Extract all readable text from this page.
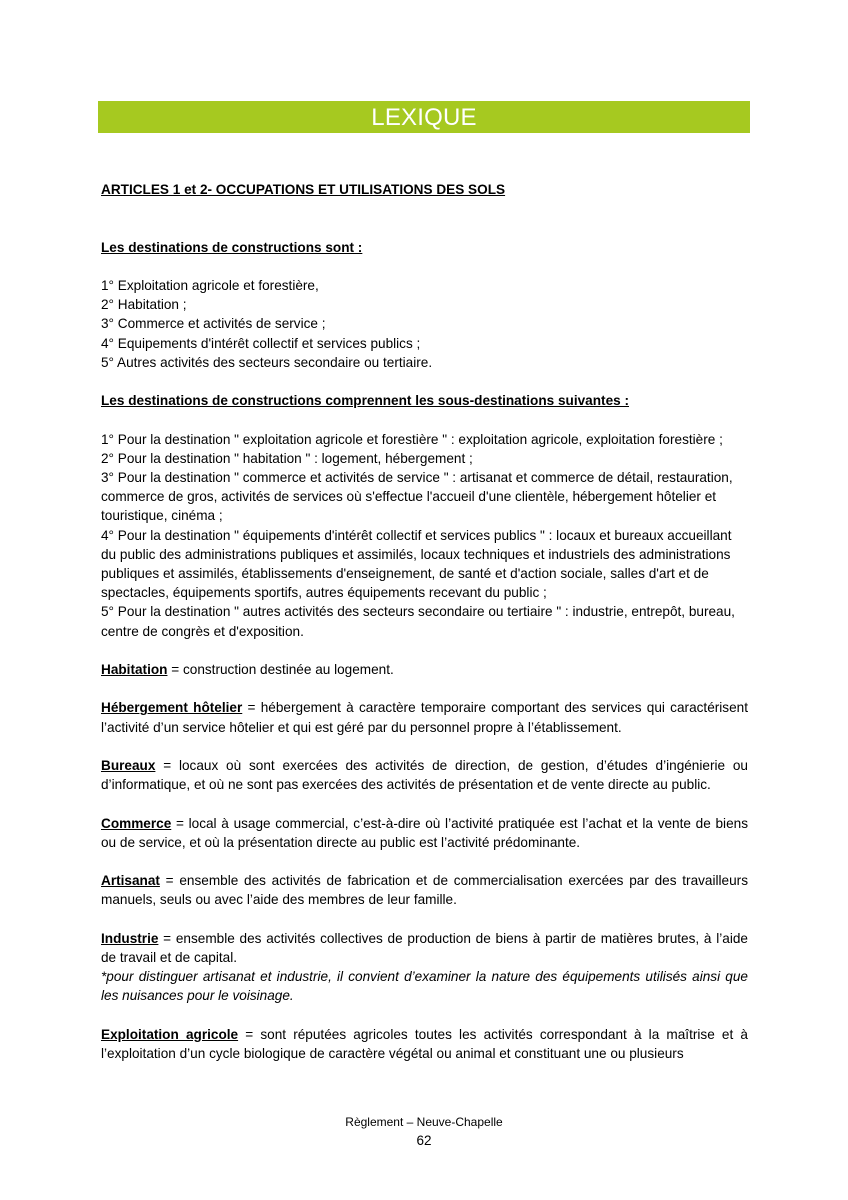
LEXIQUE

ARTICLES 1 et 2- OCCUPATIONS ET UTILISATIONS DES SOLS

Les destinations de constructions sont :

1° Exploitation agricole et forestière,

2° Habitation ;

3° Commerce et activités de service ;

4° Equipements d'intérêt collectif et services publics ;

5° Autres activités des secteurs secondaire ou tertiaire.

Les destinations de constructions comprennent les sous-destinations suivantes :

1° Pour la destination " exploitation agricole et forestière " : exploitation agricole, exploitation forestière ;

2° Pour la destination " habitation " : logement, hébergement ;

3° Pour la destination " commerce et activités de service " : artisanat et commerce de détail, restauration, commerce de gros, activités de services où s'effectue l'accueil d'une clientèle, hébergement hôtelier et touristique, cinéma ;

4° Pour la destination " équipements d'intérêt collectif et services publics " : locaux et bureaux accueillant du public des administrations publiques et assimilés, locaux techniques et industriels des administrations publiques et assimilés, établissements d'enseignement, de santé et d'action sociale, salles d'art et de spectacles, équipements sportifs, autres équipements recevant du public ;

5° Pour la destination " autres activités des secteurs secondaire ou tertiaire " : industrie, entrepôt, bureau, centre de congrès et d'exposition.

Habitation = construction destinée au logement.

Hébergement hôtelier = hébergement à caractère temporaire comportant des services qui caractérisent l’activité d’un service hôtelier et qui est géré par du personnel propre à l’établissement.

Bureaux = locaux où sont exercées des activités de direction, de gestion, d’études d’ingénierie ou d’informatique, et où ne sont pas exercées des activités de présentation et de vente directe au public.

Commerce = local à usage commercial, c’est-à-dire où l’activité pratiquée est l’achat et la vente de biens ou de service, et où la présentation directe au public est l’activité prédominante.

Artisanat = ensemble des activités de fabrication et de commercialisation exercées par des travailleurs manuels, seuls ou avec l’aide des membres de leur famille.

Industrie = ensemble des activités collectives de production de biens à partir de matières brutes, à l’aide de travail et de capital.

*pour distinguer artisanat et industrie, il convient d’examiner la nature des équipements utilisés ainsi que les nuisances pour le voisinage.

Exploitation agricole = sont réputées agricoles toutes les activités correspondant à la maîtrise et à l’exploitation d’un cycle biologique de caractère végétal ou animal et constituant une ou plusieurs

Règlement – Neuve-Chapelle
62
